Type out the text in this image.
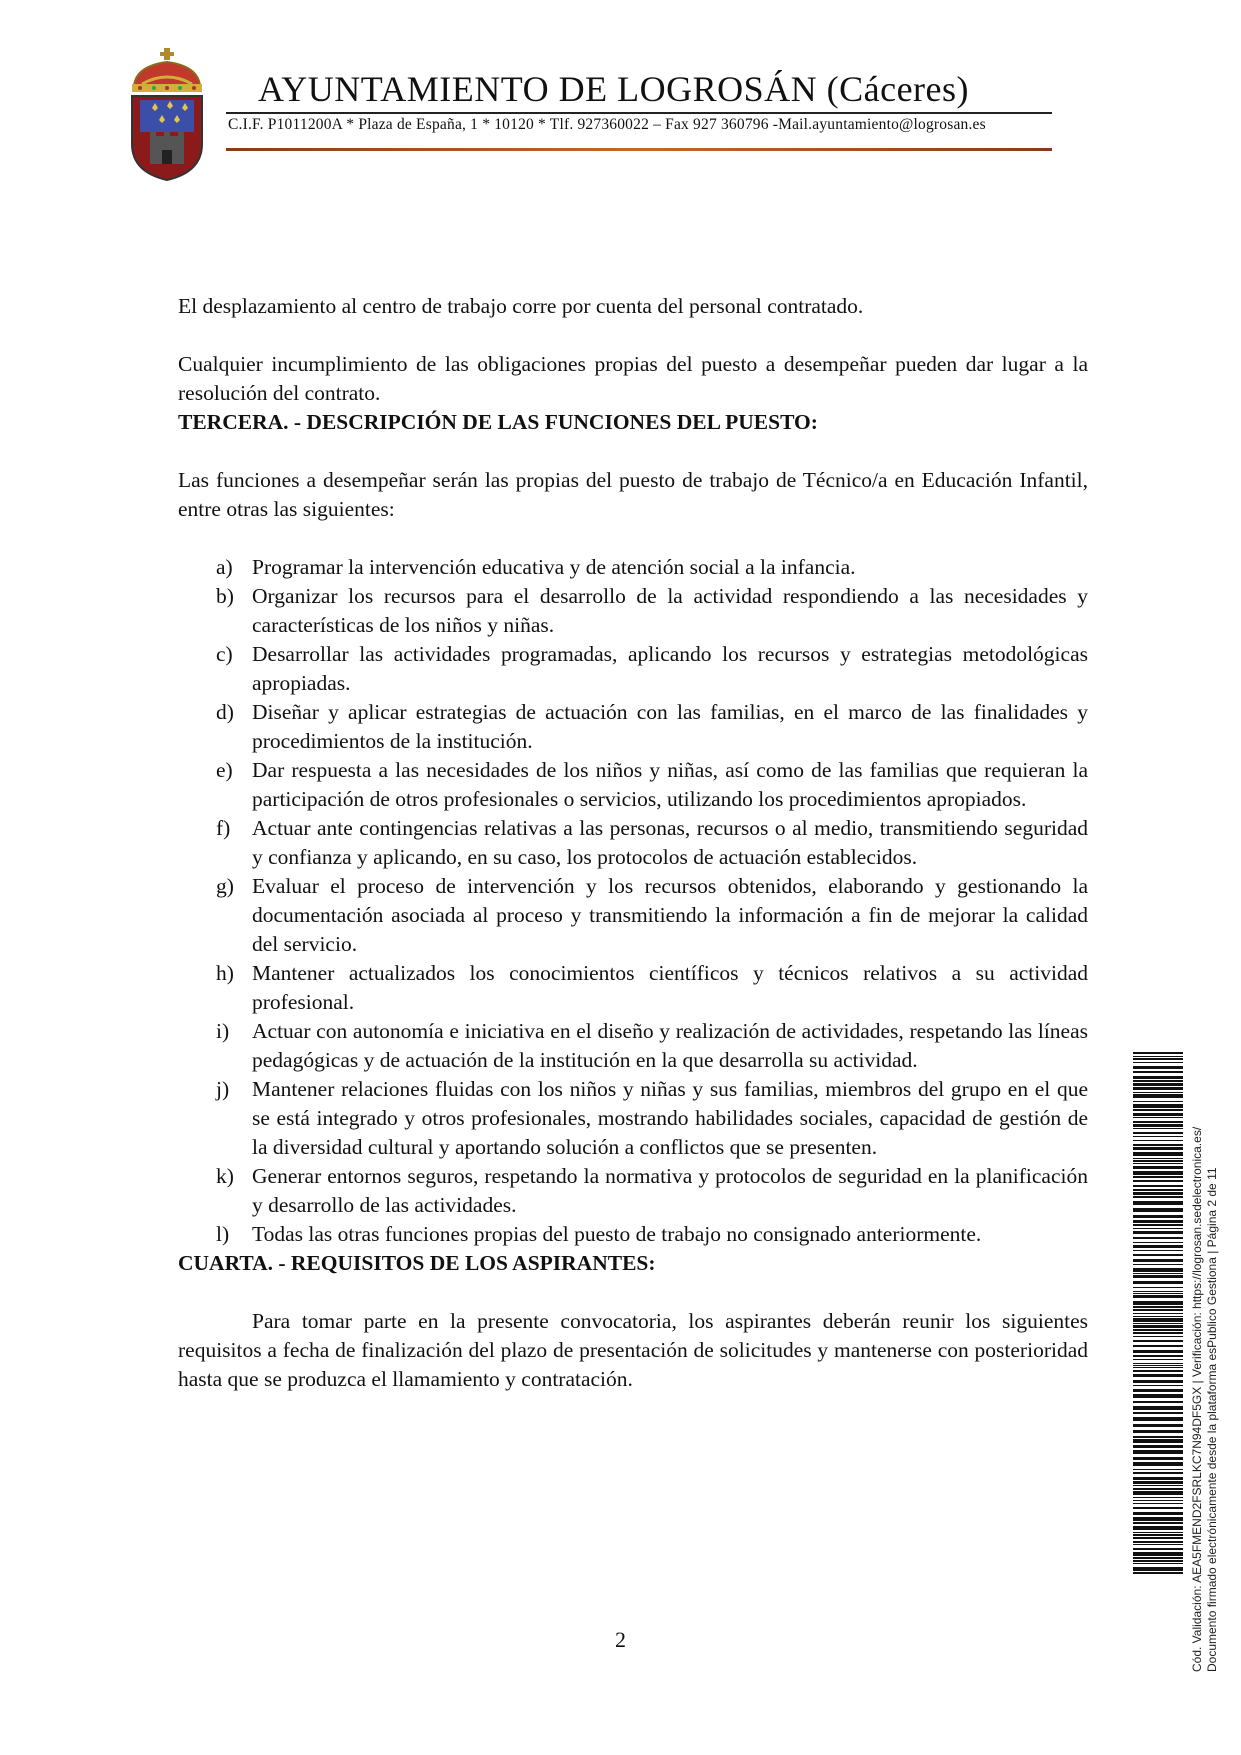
AYUNTAMIENTO DE LOGROSÁN (Cáceres)
C.I.F. P1011200A * Plaza de España, 1 * 10120 * Tlf. 927360022 – Fax 927 360796 -Mail.ayuntamiento@logrosan.es

El desplazamiento al centro de trabajo corre por cuenta del personal contratado.

Cualquier incumplimiento de las obligaciones propias del puesto a desempeñar pueden dar lugar a la resolución del contrato.

TERCERA. - DESCRIPCIÓN DE LAS FUNCIONES DEL PUESTO:

Las funciones a desempeñar serán las propias del puesto de trabajo de Técnico/a en Educación Infantil, entre otras las siguientes:

a) Programar la intervención educativa y de atención social a la infancia.
b) Organizar los recursos para el desarrollo de la actividad respondiendo a las necesidades y características de los niños y niñas.
c) Desarrollar las actividades programadas, aplicando los recursos y estrategias metodológicas apropiadas.
d) Diseñar y aplicar estrategias de actuación con las familias, en el marco de las finalidades y procedimientos de la institución.
e) Dar respuesta a las necesidades de los niños y niñas, así como de las familias que requieran la participación de otros profesionales o servicios, utilizando los procedimientos apropiados.
f) Actuar ante contingencias relativas a las personas, recursos o al medio, transmitiendo seguridad y confianza y aplicando, en su caso, los protocolos de actuación establecidos.
g) Evaluar el proceso de intervención y los recursos obtenidos, elaborando y gestionando la documentación asociada al proceso y transmitiendo la información a fin de mejorar la calidad del servicio.
h) Mantener actualizados los conocimientos científicos y técnicos relativos a su actividad profesional.
i) Actuar con autonomía e iniciativa en el diseño y realización de actividades, respetando las líneas pedagógicas y de actuación de la institución en la que desarrolla su actividad.
j) Mantener relaciones fluidas con los niños y niñas y sus familias, miembros del grupo en el que se está integrado y otros profesionales, mostrando habilidades sociales, capacidad de gestión de la diversidad cultural y aportando solución a conflictos que se presenten.
k) Generar entornos seguros, respetando la normativa y protocolos de seguridad en la planificación y desarrollo de las actividades.
l) Todas las otras funciones propias del puesto de trabajo no consignado anteriormente.

CUARTA. - REQUISITOS DE LOS ASPIRANTES:

Para tomar parte en la presente convocatoria, los aspirantes deberán reunir los siguientes requisitos a fecha de finalización del plazo de presentación de solicitudes y mantenerse con posterioridad hasta que se produzca el llamamiento y contratación.

2	Cód. Validación: AEA5FMEND2FSRLKC7N94DF5GX | Verificación: https://logrosan.sedelectronica.es/ Documento firmado electrónicamente desde la plataforma esPublico Gestiona | Página 2 de 11
